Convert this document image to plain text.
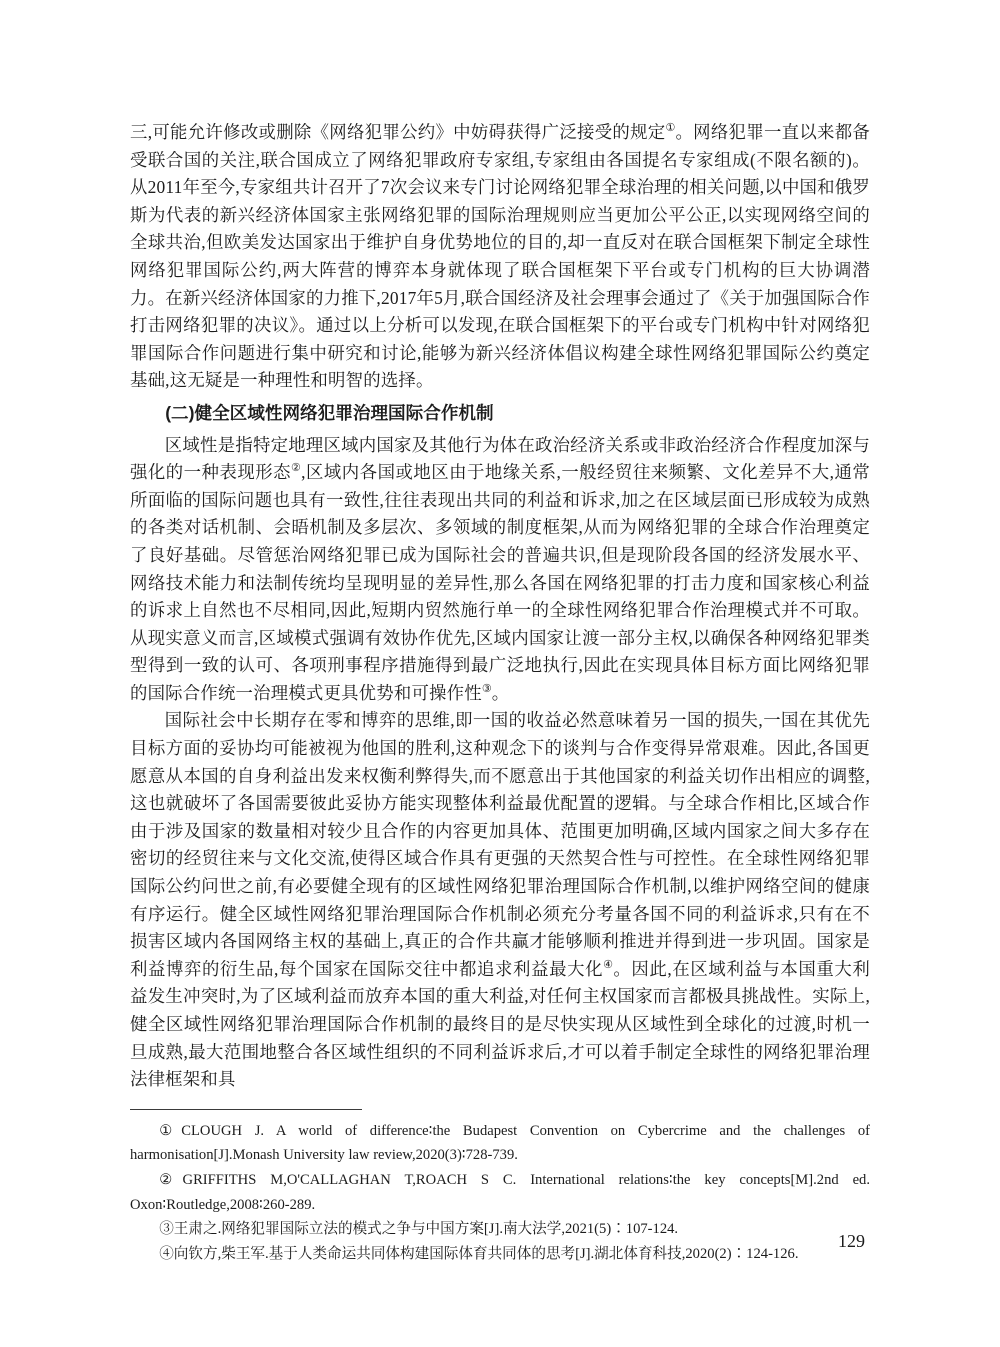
三,可能允许修改或删除《网络犯罪公约》中妨碍获得广泛接受的规定①。网络犯罪一直以来都备受联合国的关注,联合国成立了网络犯罪政府专家组,专家组由各国提名专家组成(不限名额的)。从2011年至今,专家组共计召开了7次会议来专门讨论网络犯罪全球治理的相关问题,以中国和俄罗斯为代表的新兴经济体国家主张网络犯罪的国际治理规则应当更加公平公正,以实现网络空间的全球共治,但欧美发达国家出于维护自身优势地位的目的,却一直反对在联合国框架下制定全球性网络犯罪国际公约,两大阵营的博弈本身就体现了联合国框架下平台或专门机构的巨大协调潜力。在新兴经济体国家的力推下,2017年5月,联合国经济及社会理事会通过了《关于加强国际合作打击网络犯罪的决议》。通过以上分析可以发现,在联合国框架下的平台或专门机构中针对网络犯罪国际合作问题进行集中研究和讨论,能够为新兴经济体倡议构建全球性网络犯罪国际公约奠定基础,这无疑是一种理性和明智的选择。

(二)健全区域性网络犯罪治理国际合作机制

区域性是指特定地理区域内国家及其他行为体在政治经济关系或非政治经济合作程度加深与强化的一种表现形态②,区域内各国或地区由于地缘关系,一般经贸往来频繁、文化差异不大,通常所面临的国际问题也具有一致性,往往表现出共同的利益和诉求,加之在区域层面已形成较为成熟的各类对话机制、会晤机制及多层次、多领域的制度框架,从而为网络犯罪的全球合作治理奠定了良好基础。尽管惩治网络犯罪已成为国际社会的普遍共识,但是现阶段各国的经济发展水平、网络技术能力和法制传统均呈现明显的差异性,那么各国在网络犯罪的打击力度和国家核心利益的诉求上自然也不尽相同,因此,短期内贸然施行单一的全球性网络犯罪合作治理模式并不可取。从现实意义而言,区域模式强调有效协作优先,区域内国家让渡一部分主权,以确保各种网络犯罪类型得到一致的认可、各项刑事程序措施得到最广泛地执行,因此在实现具体目标方面比网络犯罪的国际合作统一治理模式更具优势和可操作性③。

国际社会中长期存在零和博弈的思维,即一国的收益必然意味着另一国的损失,一国在其优先目标方面的妥协均可能被视为他国的胜利,这种观念下的谈判与合作变得异常艰难。因此,各国更愿意从本国的自身利益出发来权衡利弊得失,而不愿意出于其他国家的利益关切作出相应的调整,这也就破坏了各国需要彼此妥协方能实现整体利益最优配置的逻辑。与全球合作相比,区域合作由于涉及国家的数量相对较少且合作的内容更加具体、范围更加明确,区域内国家之间大多存在密切的经贸往来与文化交流,使得区域合作具有更强的天然契合性与可控性。在全球性网络犯罪国际公约问世之前,有必要健全现有的区域性网络犯罪治理国际合作机制,以维护网络空间的健康有序运行。健全区域性网络犯罪治理国际合作机制必须充分考量各国不同的利益诉求,只有在不损害区域内各国网络主权的基础上,真正的合作共赢才能够顺利推进并得到进一步巩固。国家是利益博弈的衍生品,每个国家在国际交往中都追求利益最大化④。因此,在区域利益与本国重大利益发生冲突时,为了区域利益而放弃本国的重大利益,对任何主权国家而言都极具挑战性。实际上,健全区域性网络犯罪治理国际合作机制的最终目的是尽快实现从区域性到全球化的过渡,时机一旦成熟,最大范围地整合各区域性组织的不同利益诉求后,才可以着手制定全球性的网络犯罪治理法律框架和具

①CLOUGH J. A world of difference∶the Budapest Convention on Cybercrime and the challenges of harmonisation[J].Monash University law review,2020(3)∶728-739.

②GRIFFITHS M,O'CALLAGHAN T,ROACH S C. International relations∶the key concepts[M].2nd ed. Oxon∶Routledge,2008∶260-289.

③王肃之.网络犯罪国际立法的模式之争与中国方案[J].南大法学,2021(5)∶107-124.

④向钦方,柴王军.基于人类命运共同体构建国际体育共同体的思考[J].湖北体育科技,2020(2)∶124-126.

129
